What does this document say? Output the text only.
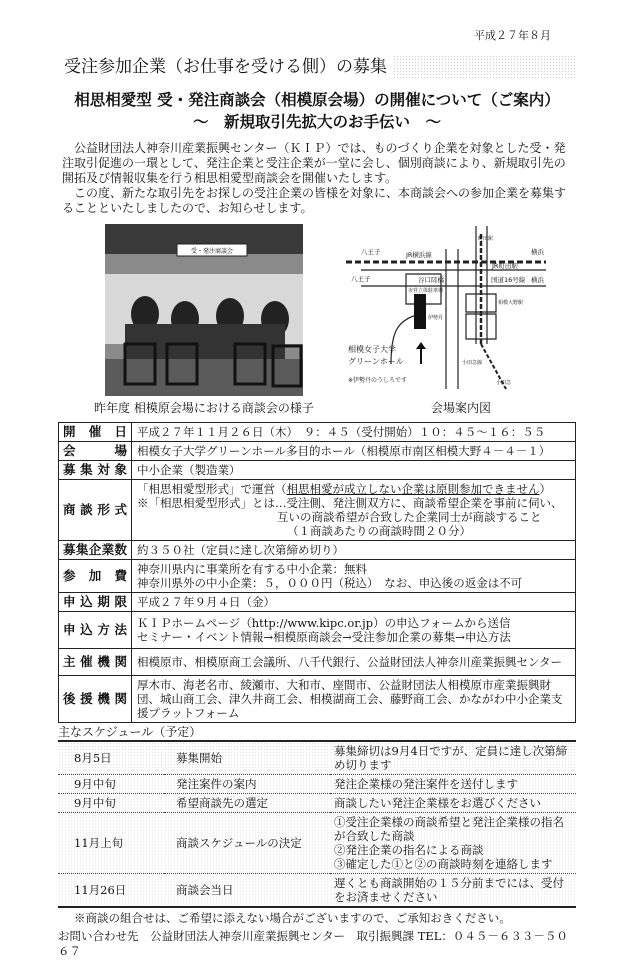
平成２７年８月
受注参加企業（お仕事を受ける側）の募集
相思相愛型 受・発注商談会（相模原会場）の開催について（ご案内）
～　新規取引先拡大のお手伝い　～

公益財団法人神奈川産業振興センター（ＫＩＰ）では、ものづくり企業を対象とした受・発注取引促進の一環として、発注企業と受注企業が一堂に会し、個別商談により、新規取引先の開拓及び情報収集を行う相思相愛型商談会を開催いたします。

この度、新たな取引先をお探しの受注企業の皆様を対象に、本商談会への参加企業を募集することといたしましたので、お知らせします。

受・発注商談会
昨年度 相模原会場における商談会の様子
八王子
八王子
横浜
横浜
JR横浜線
JR町田駅
町田駅
谷口陸橋	国道16号線
相模大野駅
市営立体駐車場
伊勢丹
小田急線
小田急
相模女子大学
グリーンホール
※伊勢丹のうしろです
会場案内図
開催日	平成２７年１１月２６日（木）　９：４５（受付開始）１０：４５～１６：５５
会場	相模女子大学グリーンホール多目的ホール（相模原市南区相模大野４－４－１）
募集対象	中小企業（製造業）
商談形式	「相思相愛型形式」で運営（相思相愛が成立しない企業は原則参加できません）
※「相思相愛型形式」とは…受注側、発注側双方に、商談希望企業を事前に伺い、
互いの商談希望が合致した企業同士が商談すること
（１商談あたりの商談時間２０分）

募集企業数	約３５０社（定員に達し次第締め切り）
参加費	神奈川県内に事業所を有する中小企業：無料
神奈川県外の中小企業：５，０００円（税込）　なお、申込後の返金は不可

申込期限	平成２７年９月４日（金）
申込方法	ＫＩＰホームページ（http://www.kipc.or.jp）の申込フォームから送信
セミナー・イベント情報→相模原商談会→受注参加企業の募集→申込方法

主催機関	相模原市、相模原商工会議所、八千代銀行、公益財団法人神奈川産業振興センター
後援機関	厚木市、海老名市、綾瀬市、大和市、座間市、公益財団法人相模原市産業振興財団、城山商工会、津久井商工会、相模湖商工会、藤野商工会、かながわ中小企業支援プラットフォーム
主なスケジュール（予定）
8月5日	募集開始	募集締切は9月4日ですが、定員に達し次第締め切ります

9月中旬	発注案件の案内	発注企業様の発注案件を送付します

9月中旬	希望商談先の選定	商談したい発注企業様をお選びください

11月上旬	商談スケジュールの決定	①受注企業様の商談希望と発注企業様の指名が合致した商談
②発注企業の指名による商談
③確定した①と②の商談時刻を連絡します

11月26日	商談会当日	遅くとも商談開始の１５分前までには、受付をお済ませください
※商談の組合せは、ご希望に添えない場合がございますので、ご承知おきください。
お問い合わせ先　公益財団法人神奈川産業振興センター　取引振興課 TEL：０４５－６３３－５０６７
